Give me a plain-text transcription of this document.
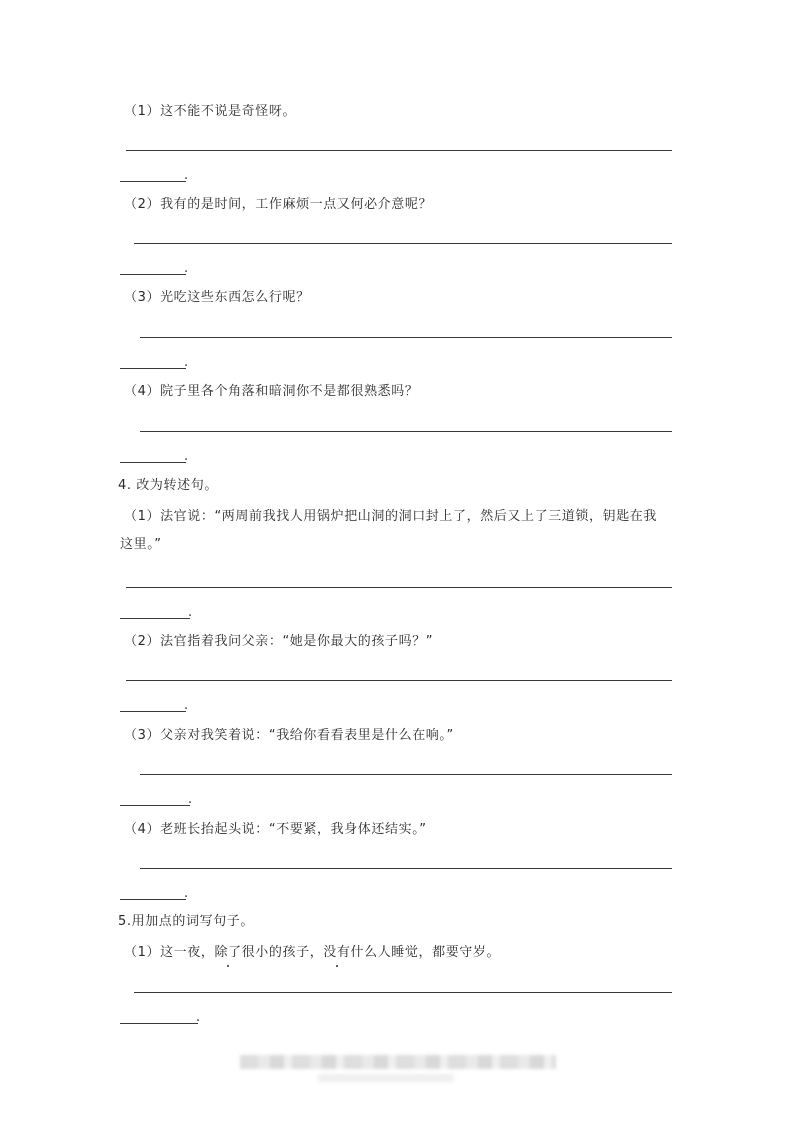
（1）这不能不说是奇怪呀。
.
（2）我有的是时间，工作麻烦一点又何必介意呢？
.
（3）光吃这些东西怎么行呢？
.
（4）院子里各个角落和暗洞你不是都很熟悉吗？
.
4. 改为转述句。
（1）法官说：“两周前我找人用锅炉把山洞的洞口封上了，然后又上了三道锁，钥匙在我
这里。”
.
（2）法官指着我问父亲：“她是你最大的孩子吗？”
.
（3）父亲对我笑着说：“我给你看看表里是什么在响。”
.
（4）老班长抬起头说：“不要紧，我身体还结实。”
.
5.用加点的词写句子。
（1）这一夜，除了很小的孩子，没有什么人睡觉，都要守岁。
.
